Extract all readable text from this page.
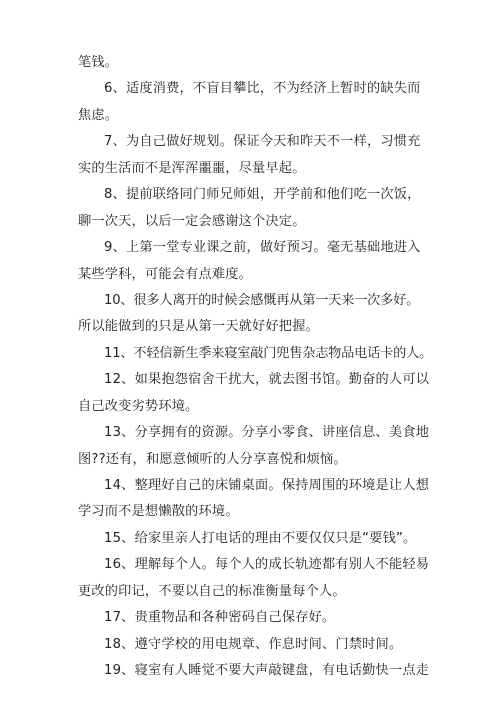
笔钱。
6、适度消费，不盲目攀比，不为经济上暂时的缺失而
焦虑。
7、为自己做好规划。保证今天和昨天不一样，习惯充
实的生活而不是浑浑噩噩，尽量早起。
8、提前联络同门师兄师姐，开学前和他们吃一次饭，
聊一次天，以后一定会感谢这个决定。
9、上第一堂专业课之前，做好预习。毫无基础地进入
某些学科，可能会有点难度。
10、很多人离开的时候会感慨再从第一天来一次多好。
所以能做到的只是从第一天就好好把握。
11、不轻信新生季来寝室敲门兜售杂志物品电话卡的人。
12、如果抱怨宿舍干扰大，就去图书馆。勤奋的人可以
自己改变劣势环境。
13、分享拥有的资源。分享小零食、讲座信息、美食地
图??还有，和愿意倾听的人分享喜悦和烦恼。
14、整理好自己的床铺桌面。保持周围的环境是让人想
学习而不是想懒散的环境。
15、给家里亲人打电话的理由不要仅仅只是“要钱”。
16、理解每个人。每个人的成长轨迹都有别人不能轻易
更改的印记，不要以自己的标准衡量每个人。
17、贵重物品和各种密码自己保存好。
18、遵守学校的用电规章、作息时间、门禁时间。
19、寝室有人睡觉不要大声敲键盘，有电话勤快一点走
